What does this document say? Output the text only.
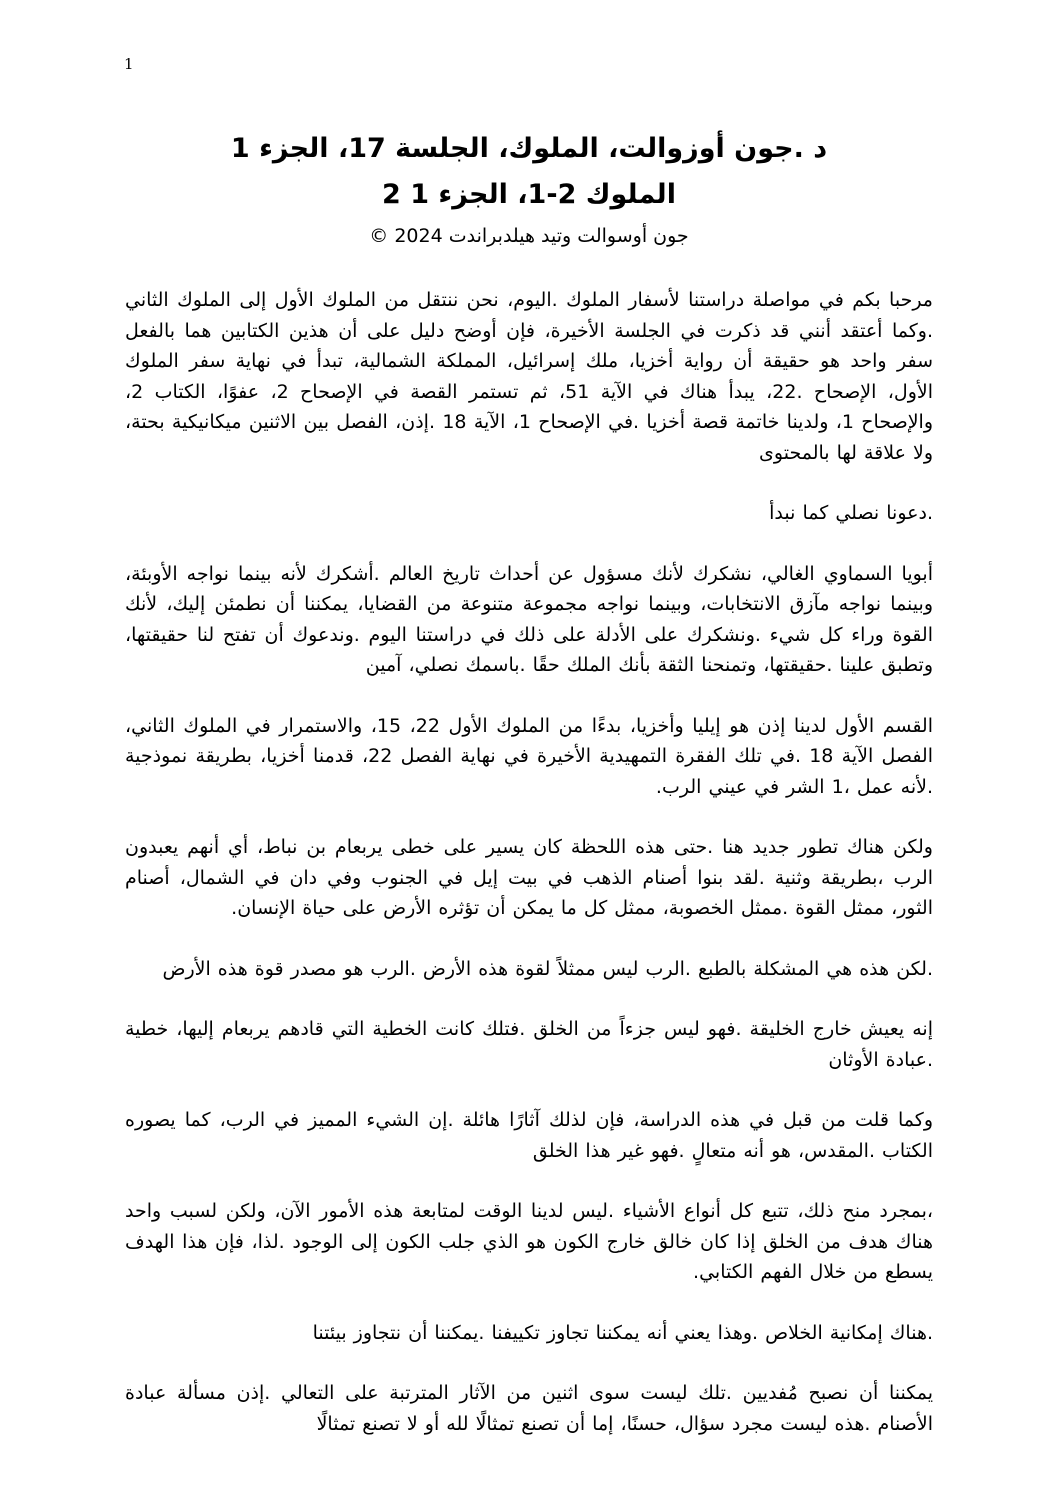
1
د .جون أوزوالت، الملوك، الجلسة 17، الجزء 1
الملوك 2-1، الجزء 1 2
جون أوسوالت وتيد هيلدبراندت 2024 ©

مرحبا بكم في مواصلة دراستنا لأسفار الملوك .اليوم، نحن ننتقل من الملوك الأول إلى الملوك الثاني .وكما أعتقد أنني قد ذكرت في الجلسة الأخيرة، فإن أوضح دليل على أن هذين الكتابين هما بالفعل سفر واحد هو حقيقة أن رواية أخزيا، ملك إسرائيل، المملكة الشمالية، تبدأ في نهاية سفر الملوك الأول، الإصحاح .22، يبدأ هناك في الآية 51، ثم تستمر القصة في الإصحاح 2، عفوًا، الكتاب 2، والإصحاح 1، ولدينا خاتمة قصة أخزيا .في الإصحاح 1، الآية 18 .إذن، الفصل بين الاثنين ميكانيكية بحتة، ولا علاقة لها بالمحتوى

.دعونا نصلي كما نبدأ

أبويا السماوي الغالي، نشكرك لأنك مسؤول عن أحداث تاريخ العالم .أشكرك لأنه بينما نواجه الأوبئة، وبينما نواجه مآزق الانتخابات، وبينما نواجه مجموعة متنوعة من القضايا، يمكننا أن نطمئن إليك، لأنك القوة وراء كل شيء .ونشكرك على الأدلة على ذلك في دراستنا اليوم .وندعوك أن تفتح لنا حقيقتها، وتطبق علينا .حقيقتها، وتمنحنا الثقة بأنك الملك حقًا .باسمك نصلي، آمين

القسم الأول لدينا إذن هو إيليا وأخزيا، بدءًا من الملوك الأول 22، 15، والاستمرار في الملوك الثاني، الفصل الآية 18 .في تلك الفقرة التمهيدية الأخيرة في نهاية الفصل 22، قدمنا أخزيا، بطريقة نموذجية .لأنه عمل ،1 الشر في عيني الرب.

ولكن هناك تطور جديد هنا .حتى هذه اللحظة كان يسير على خطى يربعام بن نباط، أي أنهم يعبدون الرب ،بطريقة وثنية .لقد بنوا أصنام الذهب في بيت إيل في الجنوب وفي دان في الشمال، أصنام الثور، ممثل القوة .ممثل الخصوبة، ممثل كل ما يمكن أن تؤثره الأرض على حياة الإنسان.

.لكن هذه هي المشكلة بالطبع .الرب ليس ممثلاً لقوة هذه الأرض .الرب هو مصدر قوة هذه الأرض

إنه يعيش خارج الخليقة .فهو ليس جزءاً من الخلق .فتلك كانت الخطية التي قادهم يربعام إليها، خطية .عبادة الأوثان

وكما قلت من قبل في هذه الدراسة، فإن لذلك آثارًا هائلة .إن الشيء المميز في الرب، كما يصوره الكتاب .المقدس، هو أنه متعالٍ .فهو غير هذا الخلق

،بمجرد منح ذلك، تتبع كل أنواع الأشياء .ليس لدينا الوقت لمتابعة هذه الأمور الآن، ولكن لسبب واحد هناك هدف من الخلق إذا كان خالق خارج الكون هو الذي جلب الكون إلى الوجود .لذا، فإن هذا الهدف يسطع من خلال الفهم الكتابي.

.هناك إمكانية الخلاص .وهذا يعني أنه يمكننا تجاوز تكييفنا .يمكننا أن نتجاوز بيئتنا

يمكننا أن نصبح مُفديين .تلك ليست سوى اثنين من الآثار المترتبة على التعالي .إذن مسألة عبادة الأصنام .هذه ليست مجرد سؤال، حسنًا، إما أن تصنع تمثالًا لله أو لا تصنع تمثالًا
